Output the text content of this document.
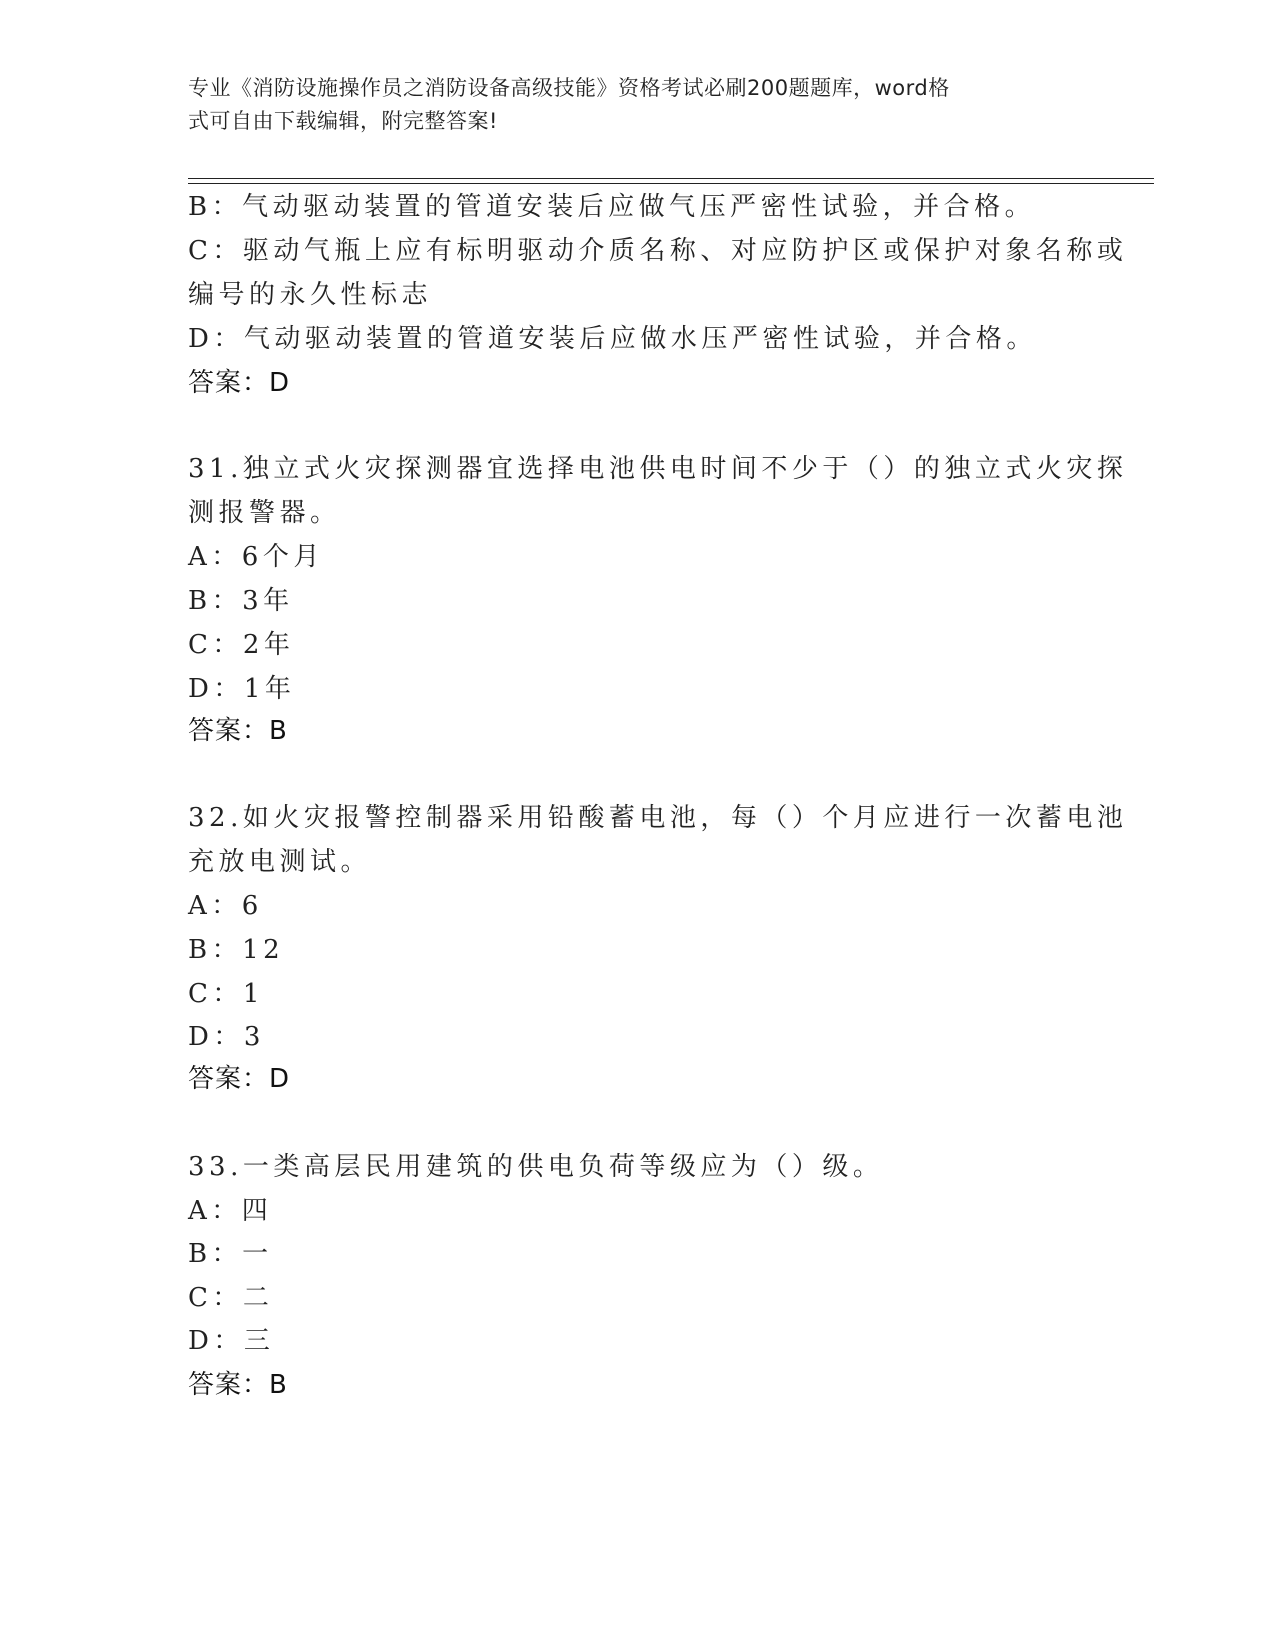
专业《消防设施操作员之消防设备高级技能》资格考试必刷200题题库，word格
式可自由下载编辑，附完整答案!
B：气动驱动装置的管道安装后应做气压严密性试验，并合格。
C：驱动气瓶上应有标明驱动介质名称、对应防护区或保护对象名称或
编号的永久性标志
D：气动驱动装置的管道安装后应做水压严密性试验，并合格。
答案：D
31.独立式火灾探测器宜选择电池供电时间不少于（）的独立式火灾探
测报警器。
A：6个月
B：3年
C：2年
D：1年
答案：B
32.如火灾报警控制器采用铅酸蓄电池，每（）个月应进行一次蓄电池
充放电测试。
A：6
B：12
C：1
D：3
答案：D
33.一类高层民用建筑的供电负荷等级应为（）级。
A：四
B：一
C：二
D：三
答案：B
